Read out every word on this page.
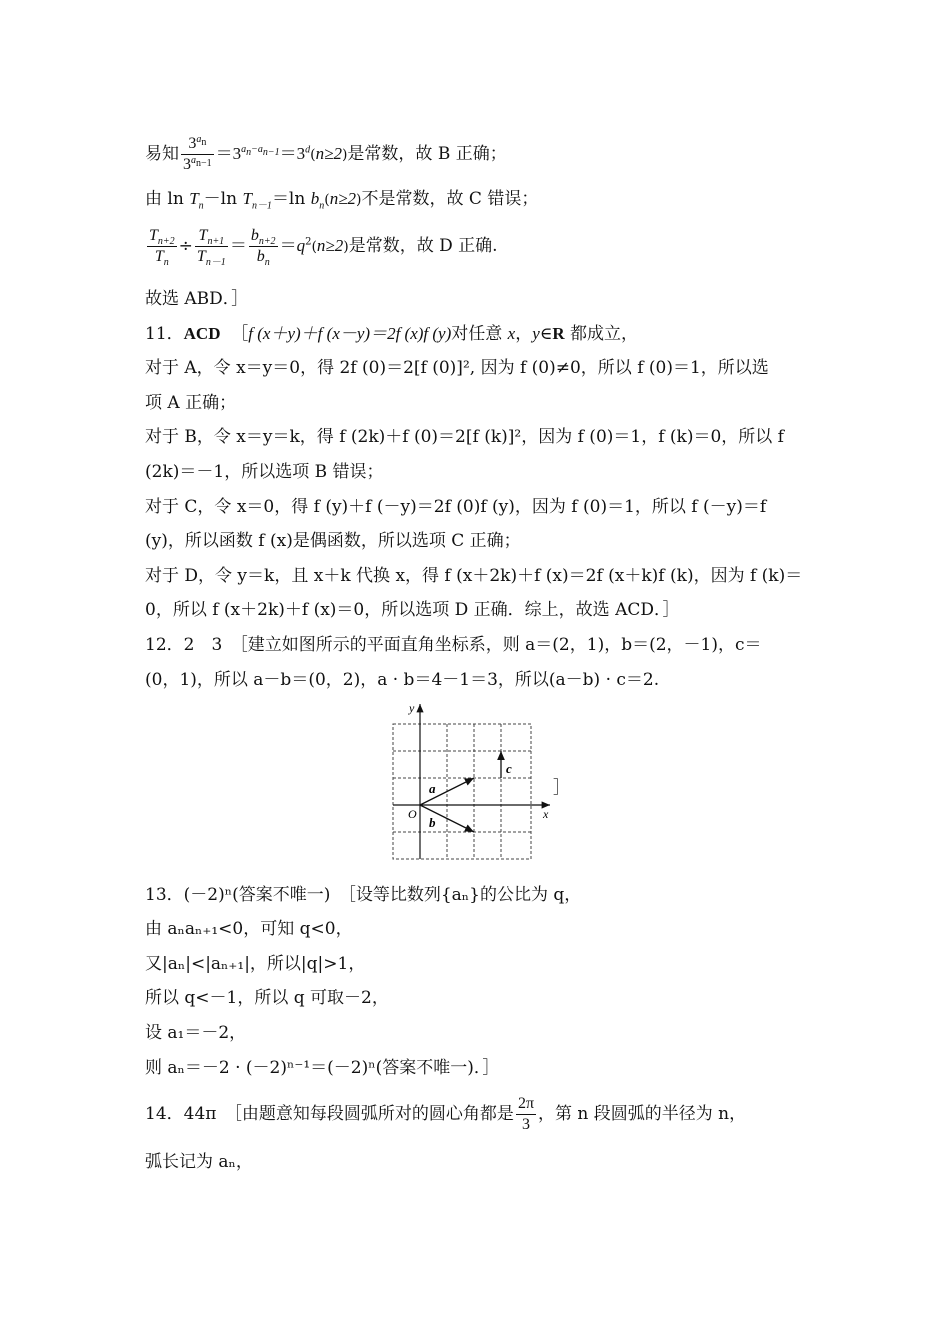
易知 $\frac{3^{a_n}}{3^{a_{n-1}}} =3^{a_n-a_{n-1}}=3^d(n\ge 2)$是常数，故 B 正确；
由 $\ln T_n-\ln$ $T_{n-1}=\ln$ $b_n(n\ge 2)$不是常数，故 C 错误；
$\frac{T_{n+2}}{T_n} \div \frac{T_{n+1}}{T_{n-1}} = \frac{b_{n+2}}{b_n} =q^2(n\ge 2)$是常数，故 D 正确.
故选 ABD．］
11．ACD ［f (x＋y)＋f (x－y)＝2f (x)f (y)对任意 x，y∈R 都成立，
对于 A，令 x＝y＝0，得 2f (0)＝2[f (0)]², 因为 f (0)≠0，所以 f (0)＝1，所以选
项 A 正确；
对于 B，令 x＝y＝k，得 f (2k)＋f (0)＝2[f (k)]²，因为 f (0)＝1，f (k)＝0，所以 f
(2k)＝－1，所以选项 B 错误；
对于 C，令 x＝0，得 f (y)＋f (－y)＝2f (0)f (y)，因为 f (0)＝1，所以 f (－y)＝f
(y)，所以函数 f (x)是偶函数，所以选项 C 正确；
对于 D，令 y＝k，且 x＋k 代换 x，得 f (x＋2k)＋f (x)＝2f (x＋k)f (k)，因为 f (k)＝
0，所以 f (x＋2k)＋f (x)＝0，所以选项 D 正确．综上，故选 ACD．］
12．2　3　［建立如图所示的平面直角坐标系，则 a＝(2，1)，b＝(2，－1)，c＝
(0，1)，所以 a－b＝(0，2)，a · b＝4－1＝3，所以(a－b) · c＝2.
y
x
O
a
b
c
］
13．(－2)ⁿ(答案不唯一)　［设等比数列{aₙ}的公比为 q，
由 aₙaₙ₊₁<0，可知 q<0，
又|aₙ|<|aₙ₊₁|，所以|q|>1，
所以 q<－1，所以 q 可取－2，
设 a₁＝－2，
则 aₙ＝－2 · (－2)ⁿ⁻¹＝(－2)ⁿ(答案不唯一)．］
14．44π　［由题意知每段圆弧所对的圆心角都是 $\frac{2\pi}{3}$ ，第 n 段圆弧的半径为 n，
弧长记为 aₙ，
